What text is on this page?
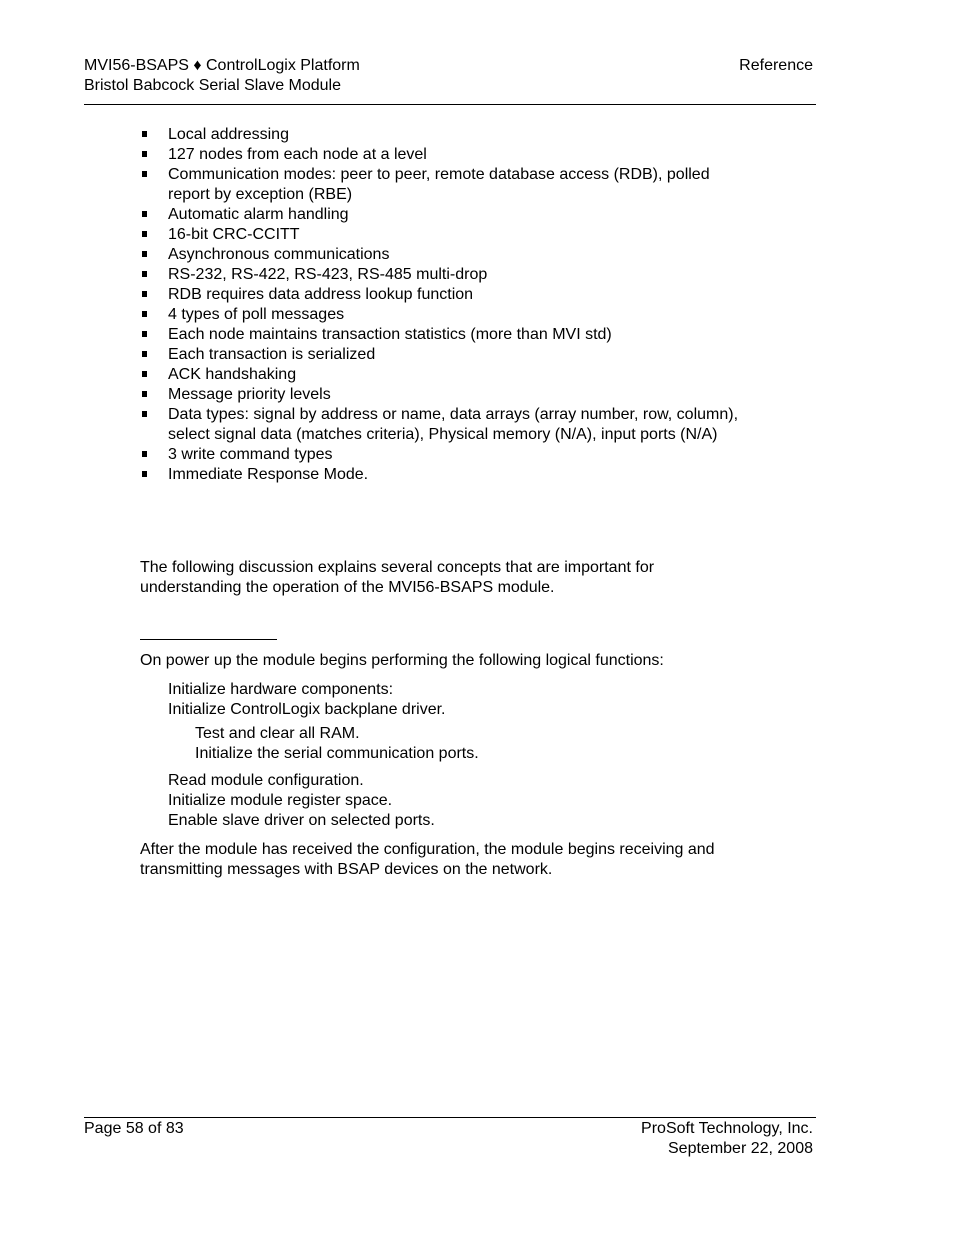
MVI56-BSAPS ♦ ControlLogix Platform
Bristol Babcock Serial Slave Module
Reference
Local addressing
127 nodes from each node at a level
Communication modes: peer to peer, remote database access (RDB), polled report by exception (RBE)
Automatic alarm handling
16-bit CRC-CCITT
Asynchronous communications
RS-232, RS-422, RS-423, RS-485 multi-drop
RDB requires data address lookup function
4 types of poll messages
Each node maintains transaction statistics (more than MVI std)
Each transaction is serialized
ACK handshaking
Message priority levels
Data types: signal by address or name, data arrays (array number, row, column), select signal data (matches criteria), Physical memory (N/A), input ports (N/A)
3 write command types
Immediate Response Mode.
The following discussion explains several concepts that are important for understanding the operation of the MVI56-BSAPS module.
On power up the module begins performing the following logical functions:
Initialize hardware components:
Initialize ControlLogix backplane driver.
Test and clear all RAM.
Initialize the serial communication ports.
Read module configuration.
Initialize module register space.
Enable slave driver on selected ports.
After the module has received the configuration, the module begins receiving and transmitting messages with BSAP devices on the network.
Page 58 of 83	ProSoft Technology, Inc.
September 22, 2008
